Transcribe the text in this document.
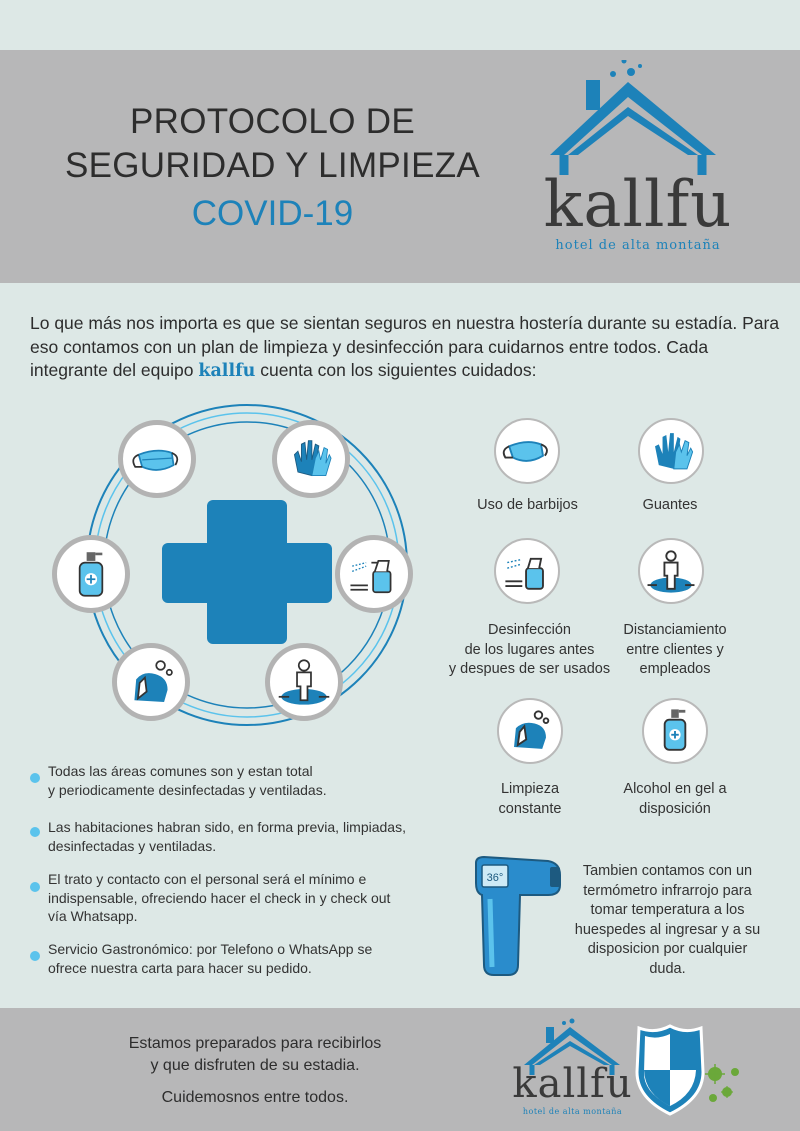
PROTOCOLO DE
SEGURIDAD Y LIMPIEZA
COVID-19	kallfu
hotel de alta montaña
Lo que más nos importa es que se sientan seguros en nuestra hostería durante su estadía. Para eso contamos con un plan de limpieza y desinfección para cuidarnos entre todos. Cada integrante del equipo kallfu cuenta con los siguientes cuidados:
Uso de barbijos	Guantes
Desinfección
de los lugares antes
y despues de ser usados
Distanciamiento
entre clientes y
empleados
Limpieza
constante
Alcohol en gel a
disposición
Todas las áreas comunes son y estan total
y periodicamente desinfectadas y ventiladas.
Las habitaciones habran sido, en forma previa, limpiadas,
desinfectadas y ventiladas.
El trato y contacto con el personal será el mínimo e
indispensable, ofreciendo hacer el check in y check out
vía Whatsapp.
Servicio Gastronómico: por Telefono o WhatsApp se
ofrece nuestra carta para hacer su pedido.
36°	Tambien contamos con un
termómetro infrarrojo para
tomar temperatura a los
huespedes al ingresar y a su
disposicion por cualquier
duda.
Estamos preparados para recibirlos
y que disfruten de su estadia.
Cuidemosnos entre todos.	kallfu
hotel de alta montaña
